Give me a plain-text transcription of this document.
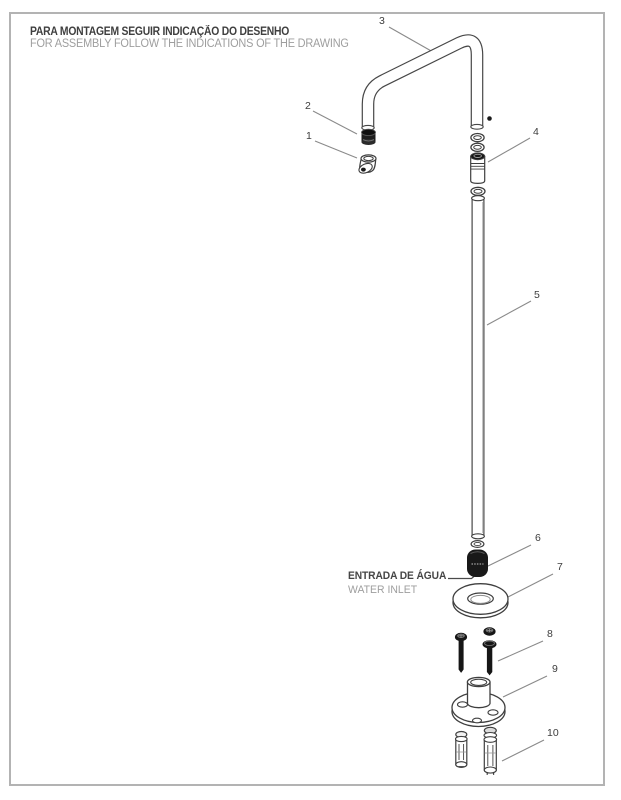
PARA MONTAGEM SEGUIR INDICAÇÃO DO DESENHO
FOR ASSEMBLY FOLLOW THE INDICATIONS OF THE DRAWING
ENTRADA DE ÁGUA
WATER INLET
1
2
3
4
5
6
7
8
9
10
